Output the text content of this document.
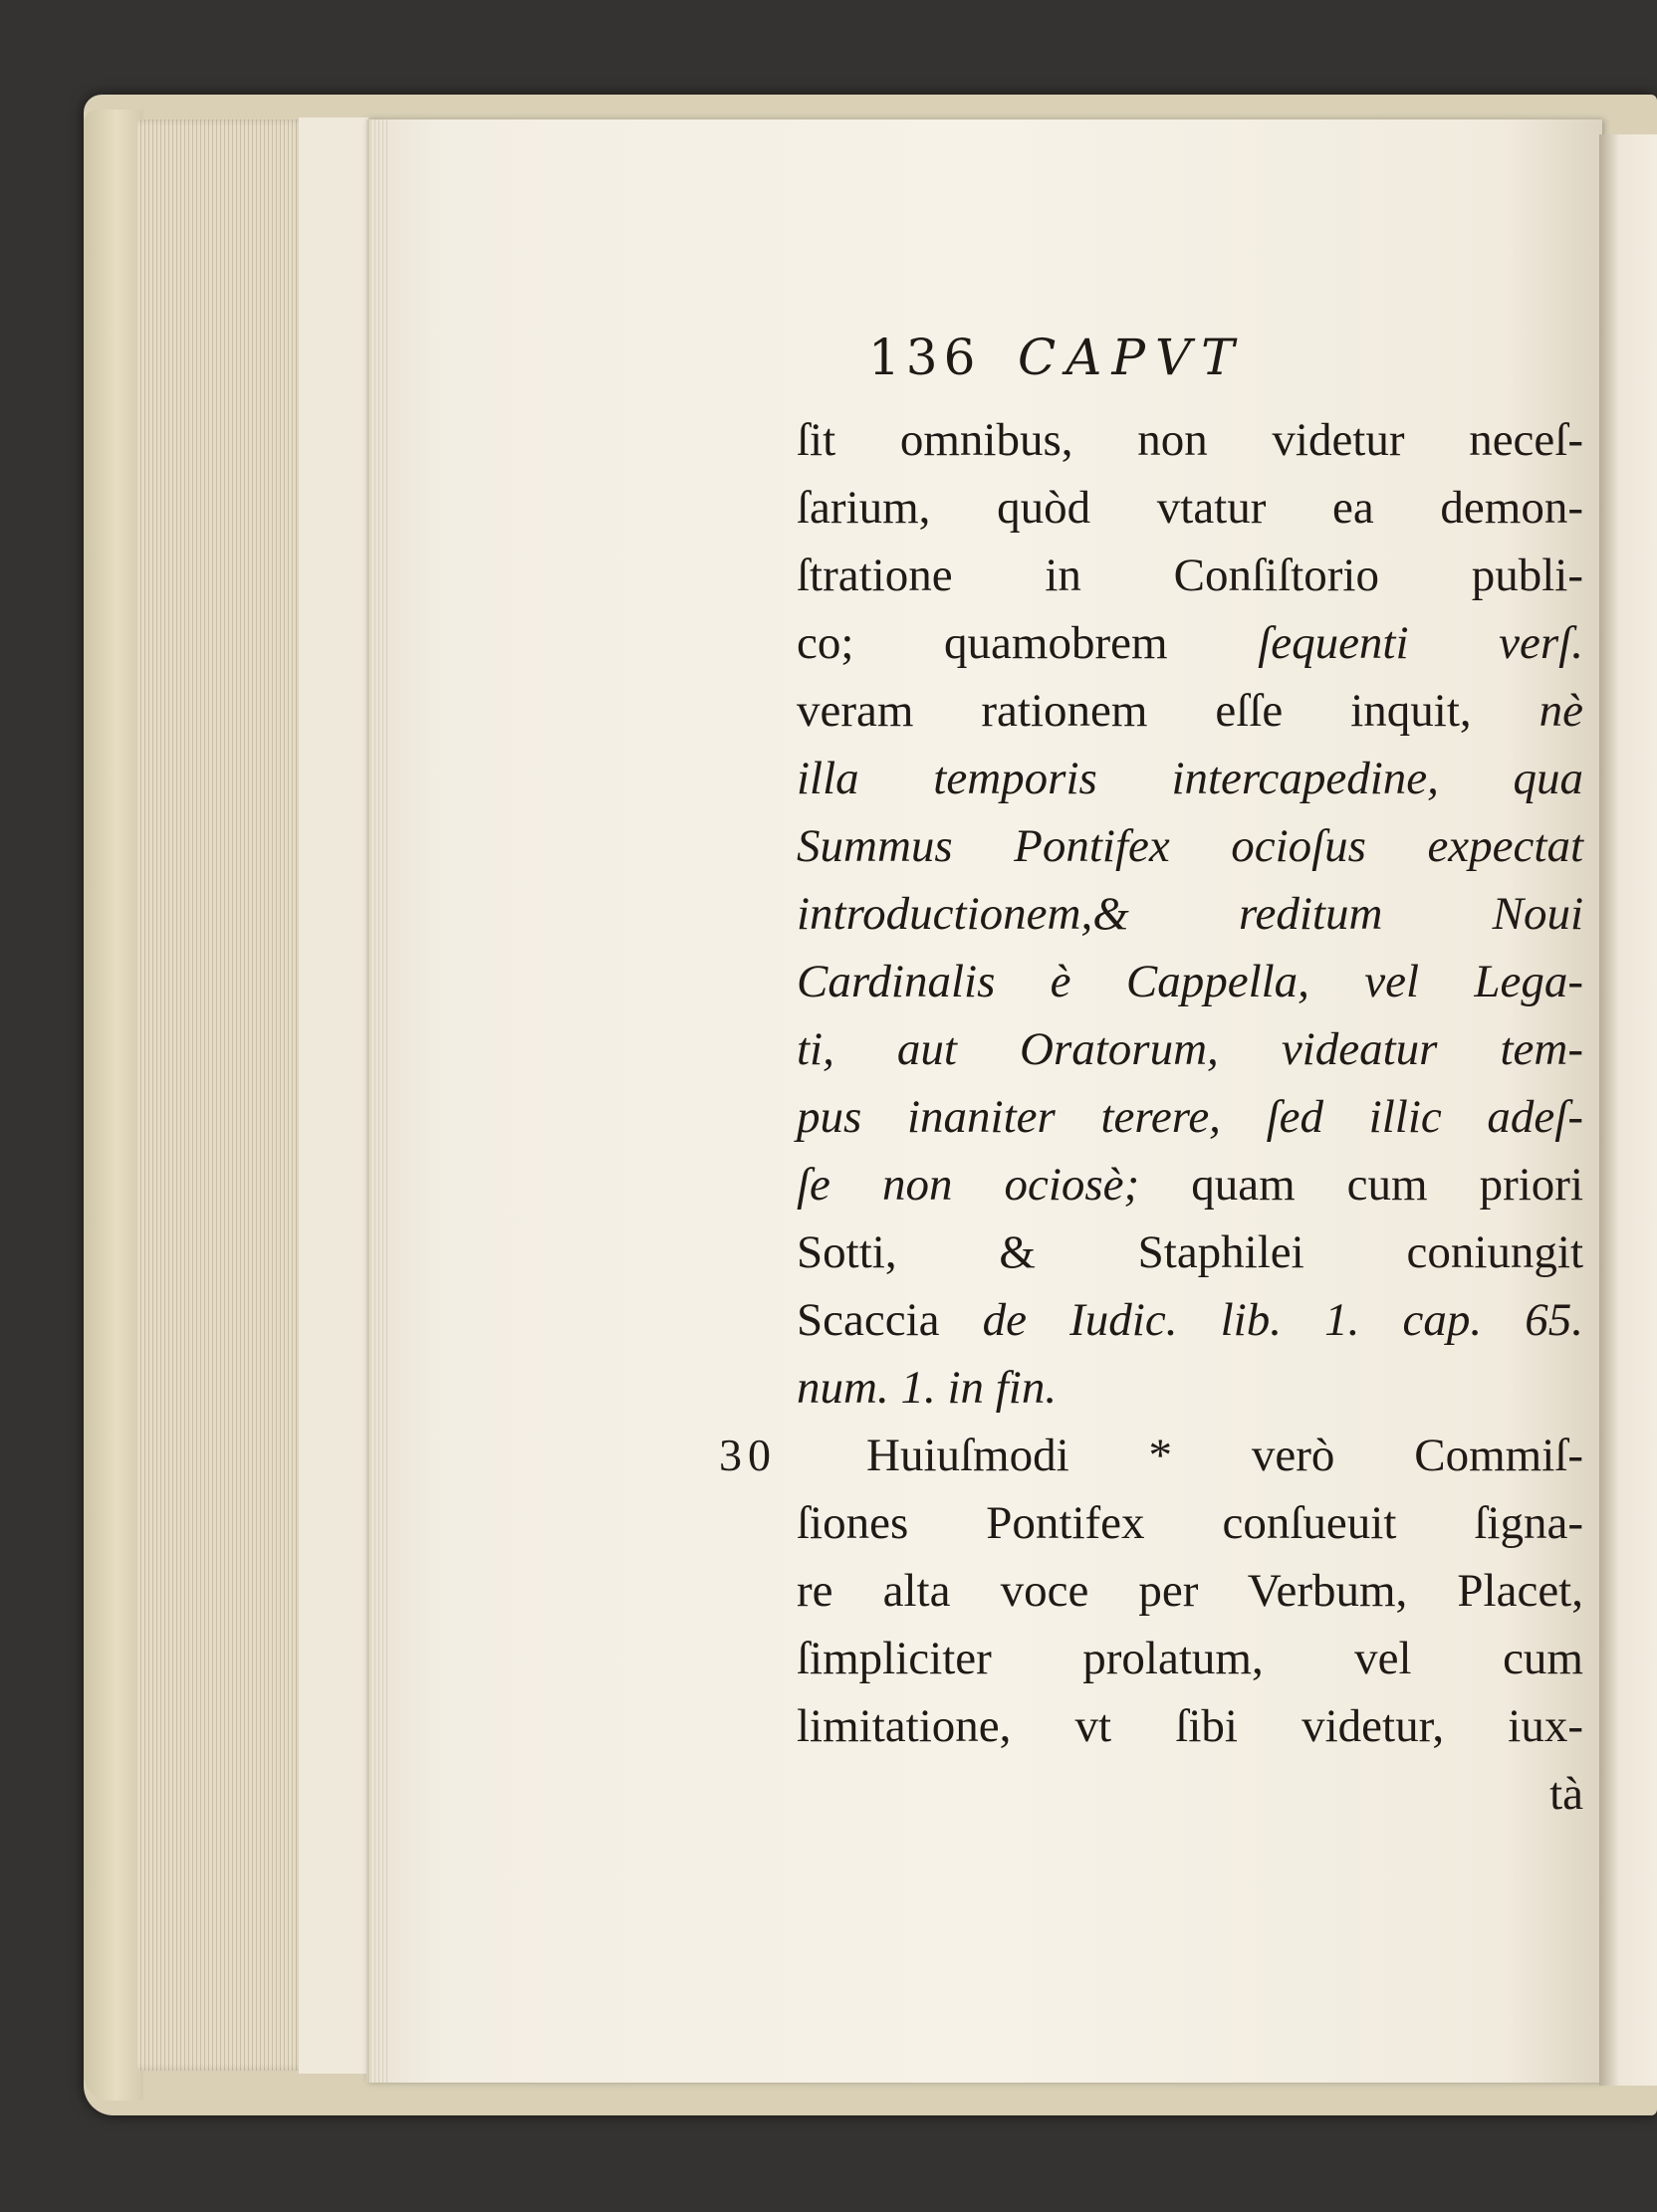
136 CAPVT
ſit omnibus, non videtur neceſ-
ſarium, quòd vtatur ea demon-
ſtratione in Conſiſtorio publi-
co; quamobrem ſequenti verſ.
veram rationem eſſe inquit, nè
illa temporis intercapedine, qua
Summus Pontifex ocioſus expectat
introductionem,& reditum Noui
Cardinalis è Cappella, vel Lega-
ti, aut Oratorum, videatur tem-
pus inaniter terere, ſed illic adeſ-
ſe non ociosè; quam cum priori
Sotti, & Staphilei coniungit
Scaccia de Iudic. lib. 1. cap. 65.
num. 1. in fin.
30	Huiuſmodi * verò Commiſ-
ſiones Pontifex conſueuit ſigna-
re alta voce per Verbum, Placet,
ſimpliciter prolatum, vel cum
limitatione, vt ſibi videtur, iux-
tà
